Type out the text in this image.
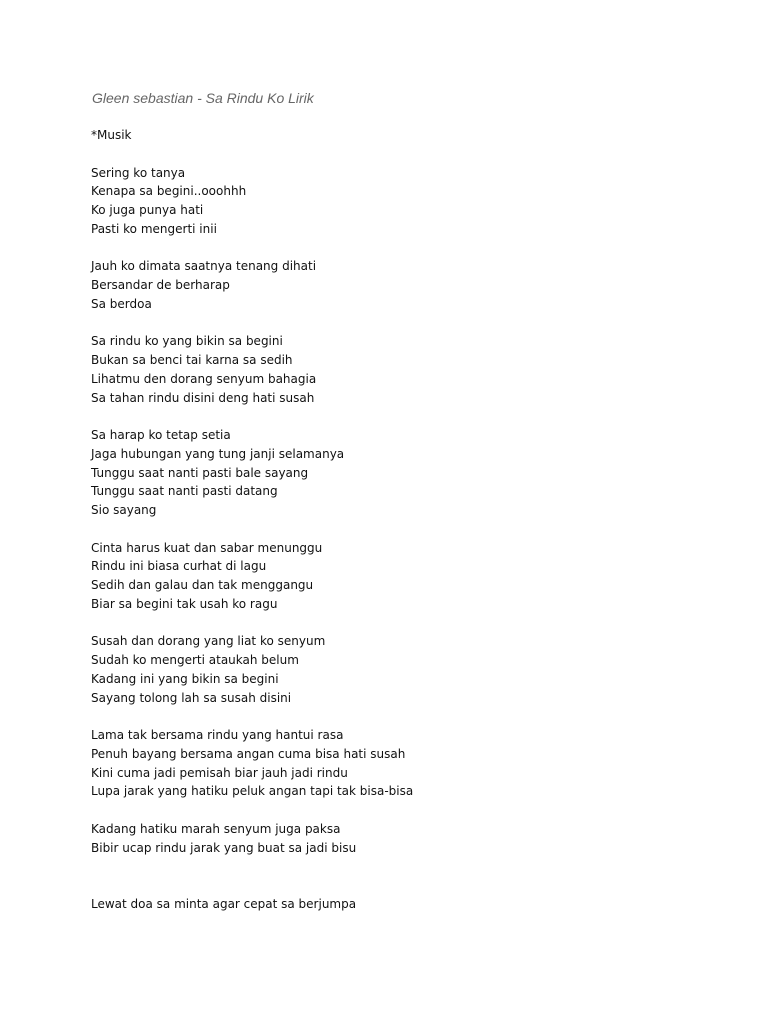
Gleen sebastian - Sa Rindu Ko Lirik

*Musik
Sering ko tanya
Kenapa sa begini..ooohhh
Ko juga punya hati
Pasti ko mengerti inii
Jauh ko dimata saatnya tenang dihati
Bersandar de berharap
Sa berdoa
Sa rindu ko yang bikin sa begini
Bukan sa benci tai karna sa sedih
Lihatmu den dorang senyum bahagia
Sa tahan rindu disini deng hati susah
Sa harap ko tetap setia
Jaga hubungan yang tung janji selamanya
Tunggu saat nanti pasti bale sayang
Tunggu saat nanti pasti datang
Sio sayang
Cinta harus kuat dan sabar menunggu
Rindu ini biasa curhat di lagu
Sedih dan galau dan tak menggangu
Biar sa begini tak usah ko ragu
Susah dan dorang yang liat ko senyum
Sudah ko mengerti ataukah belum
Kadang ini yang bikin sa begini
Sayang tolong lah sa susah disini
Lama tak bersama rindu yang hantui rasa
Penuh bayang bersama angan cuma bisa hati susah
Kini cuma jadi pemisah biar jauh jadi rindu
Lupa jarak yang hatiku peluk angan tapi tak bisa-bisa
Kadang hatiku marah senyum juga paksa
Bibir ucap rindu jarak yang buat sa jadi bisu
Lewat doa sa minta agar cepat sa berjumpa
